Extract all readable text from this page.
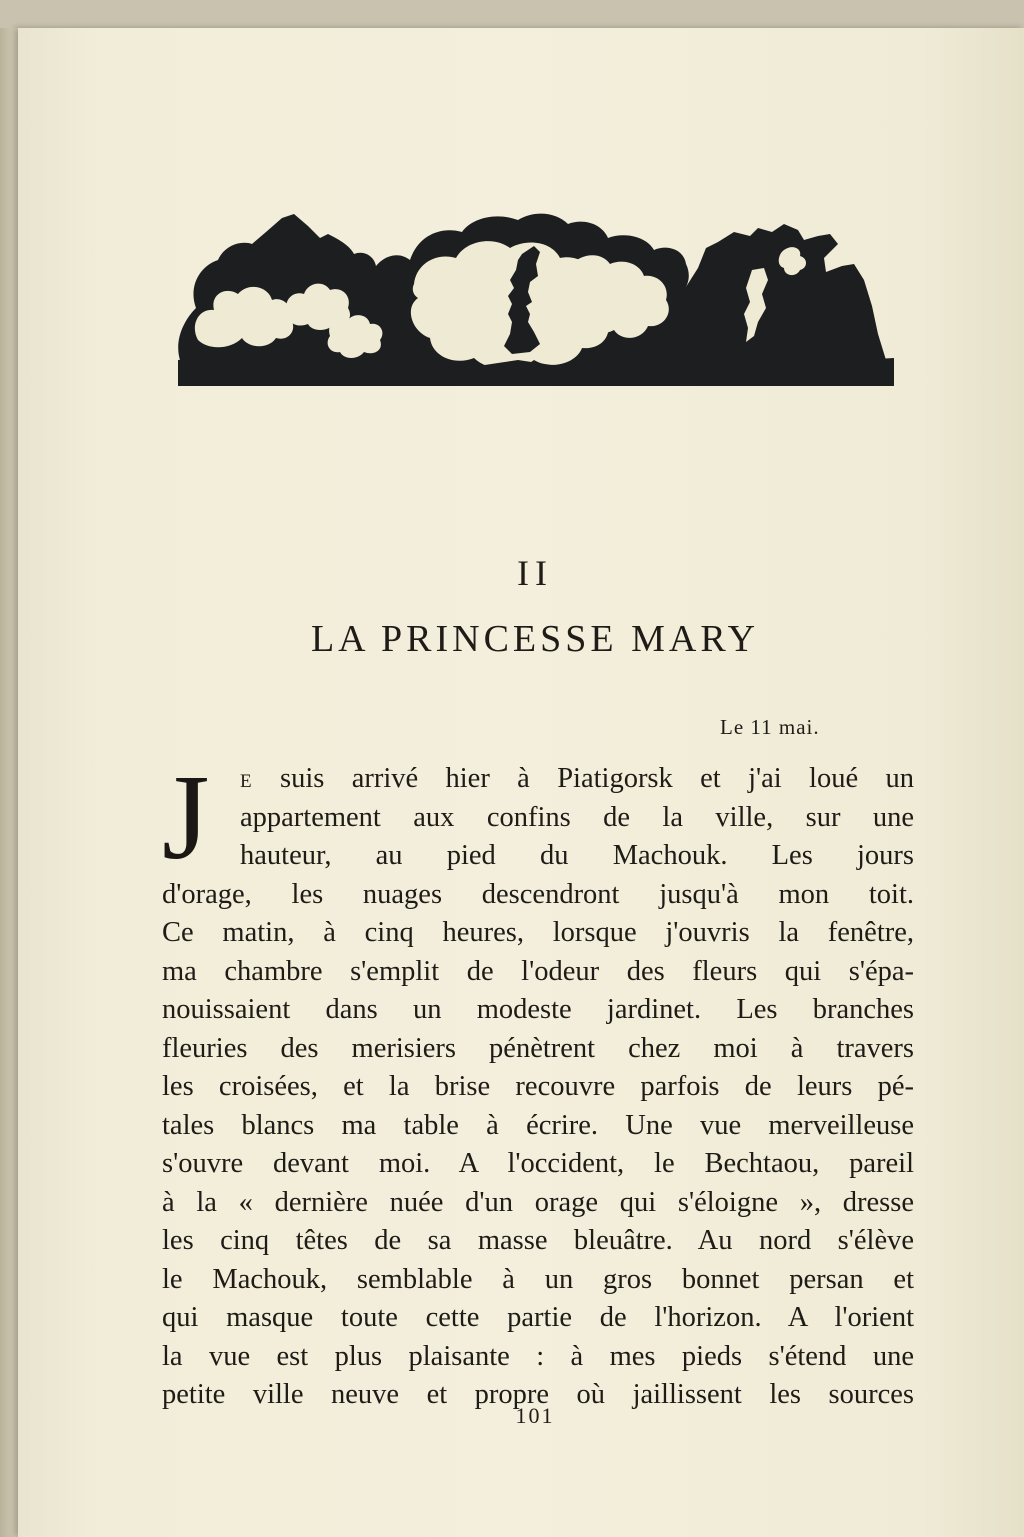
II
LA PRINCESSE MARY
Le 11 mai.
J	E suis arrivé hier à Piatigorsk et j'ai loué un
appartement aux confins de la ville, sur une
hauteur, au pied du Machouk. Les jours
d'orage, les nuages descendront jusqu'à mon toit.
Ce matin, à cinq heures, lorsque j'ouvris la fenêtre,
ma chambre s'emplit de l'odeur des fleurs qui s'épa-
nouissaient dans un modeste jardinet. Les branches
fleuries des merisiers pénètrent chez moi à travers
les croisées, et la brise recouvre parfois de leurs pé-
tales blancs ma table à écrire. Une vue merveilleuse
s'ouvre devant moi. A l'occident, le Bechtaou, pareil
à la « dernière nuée d'un orage qui s'éloigne », dresse
les cinq têtes de sa masse bleuâtre. Au nord s'élève
le Machouk, semblable à un gros bonnet persan et
qui masque toute cette partie de l'horizon. A l'orient
la vue est plus plaisante : à mes pieds s'étend une
petite ville neuve et propre où jaillissent les sources
101
